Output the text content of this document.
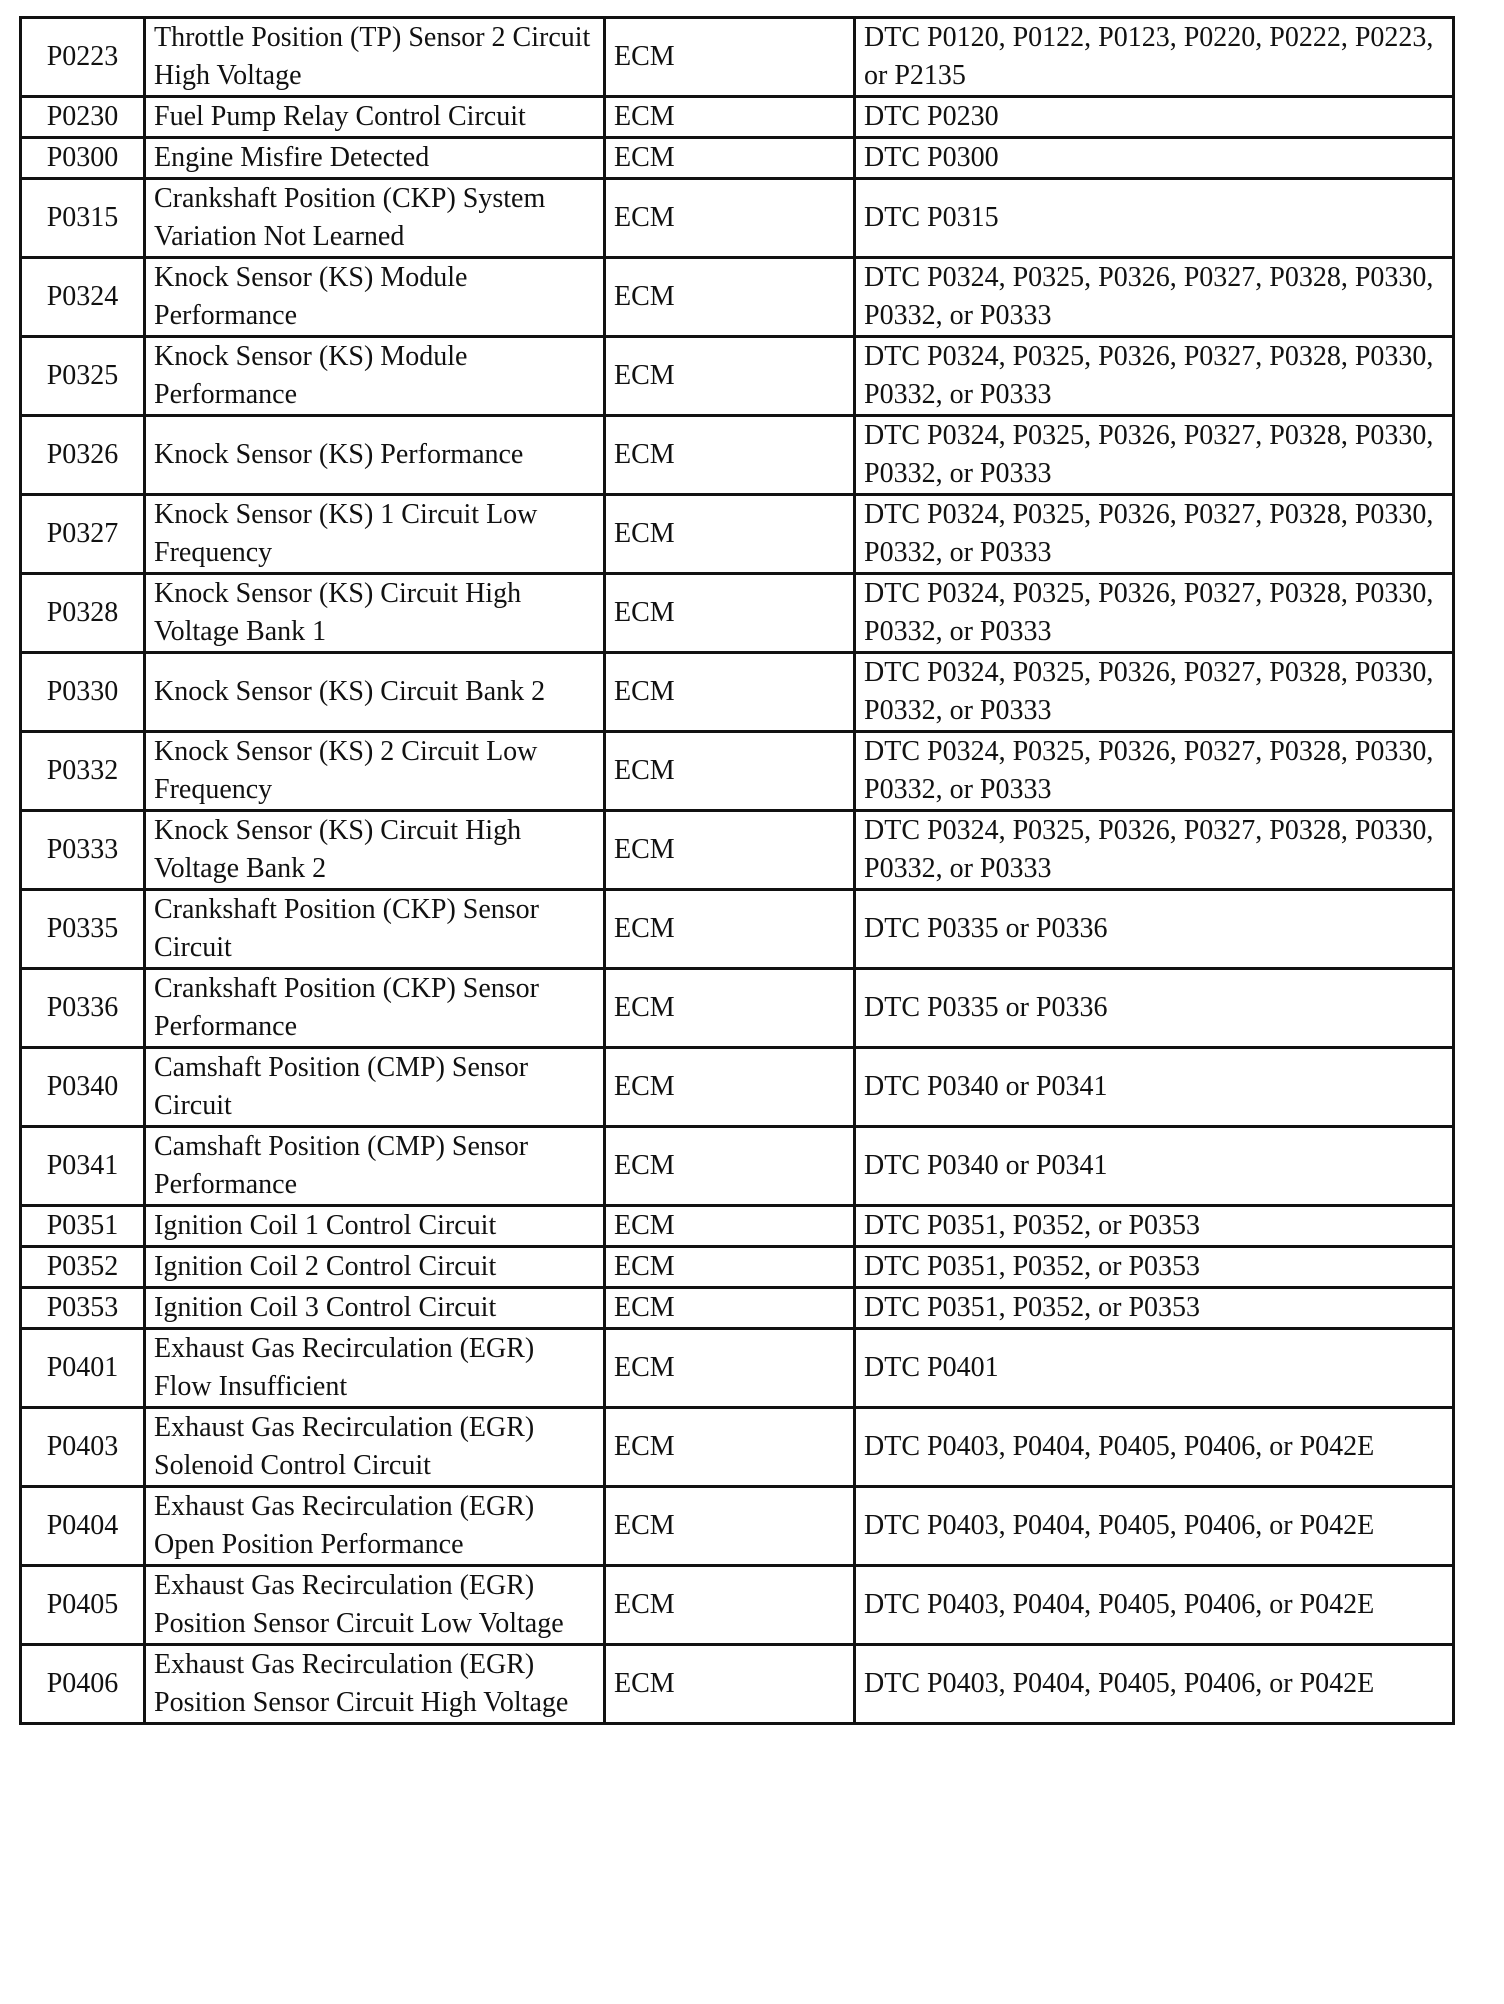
P0223	Throttle Position (TP) Sensor 2 Circuit High Voltage	ECM	DTC P0120, P0122, P0123, P0220, P0222, P0223, or P2135
P0230	Fuel Pump Relay Control Circuit	ECM	DTC P0230
P0300	Engine Misfire Detected	ECM	DTC P0300
P0315	Crankshaft Position (CKP) System Variation Not Learned	ECM	DTC P0315
P0324	Knock Sensor (KS) Module Performance	ECM	DTC P0324, P0325, P0326, P0327, P0328, P0330, P0332, or P0333
P0325	Knock Sensor (KS) Module Performance	ECM	DTC P0324, P0325, P0326, P0327, P0328, P0330, P0332, or P0333
P0326	Knock Sensor (KS) Performance	ECM	DTC P0324, P0325, P0326, P0327, P0328, P0330, P0332, or P0333
P0327	Knock Sensor (KS) 1 Circuit Low Frequency	ECM	DTC P0324, P0325, P0326, P0327, P0328, P0330, P0332, or P0333
P0328	Knock Sensor (KS) Circuit High Voltage Bank 1	ECM	DTC P0324, P0325, P0326, P0327, P0328, P0330, P0332, or P0333
P0330	Knock Sensor (KS) Circuit Bank 2	ECM	DTC P0324, P0325, P0326, P0327, P0328, P0330, P0332, or P0333
P0332	Knock Sensor (KS) 2 Circuit Low Frequency	ECM	DTC P0324, P0325, P0326, P0327, P0328, P0330, P0332, or P0333
P0333	Knock Sensor (KS) Circuit High Voltage Bank 2	ECM	DTC P0324, P0325, P0326, P0327, P0328, P0330, P0332, or P0333
P0335	Crankshaft Position (CKP) Sensor Circuit	ECM	DTC P0335 or P0336
P0336	Crankshaft Position (CKP) Sensor Performance	ECM	DTC P0335 or P0336
P0340	Camshaft Position (CMP) Sensor Circuit	ECM	DTC P0340 or P0341
P0341	Camshaft Position (CMP) Sensor Performance	ECM	DTC P0340 or P0341
P0351	Ignition Coil 1 Control Circuit	ECM	DTC P0351, P0352, or P0353
P0352	Ignition Coil 2 Control Circuit	ECM	DTC P0351, P0352, or P0353
P0353	Ignition Coil 3 Control Circuit	ECM	DTC P0351, P0352, or P0353
P0401	Exhaust Gas Recirculation (EGR) Flow Insufficient	ECM	DTC P0401
P0403	Exhaust Gas Recirculation (EGR) Solenoid Control Circuit	ECM	DTC P0403, P0404, P0405, P0406, or P042E
P0404	Exhaust Gas Recirculation (EGR) Open Position Performance	ECM	DTC P0403, P0404, P0405, P0406, or P042E
P0405	Exhaust Gas Recirculation (EGR) Position Sensor Circuit Low Voltage	ECM	DTC P0403, P0404, P0405, P0406, or P042E
P0406	Exhaust Gas Recirculation (EGR) Position Sensor Circuit High Voltage	ECM	DTC P0403, P0404, P0405, P0406, or P042E
